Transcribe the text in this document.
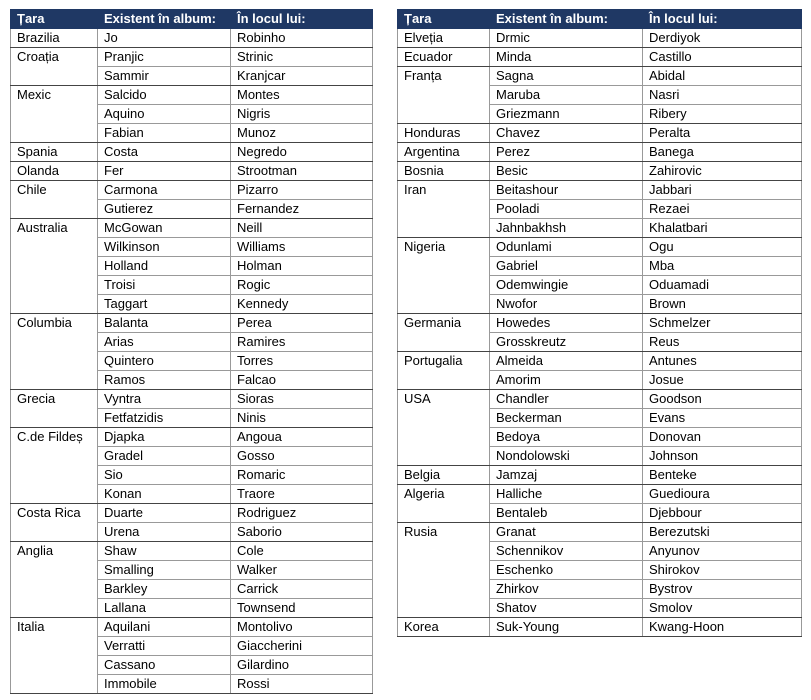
Țara	Existent în album:	În locul lui:
Brazilia	Jo	Robinho
Croația	Pranjic	Strinic
	Sammir	Kranjcar
Mexic	Salcido	Montes
	Aquino	Nigris
	Fabian	Munoz
Spania	Costa	Negredo
Olanda	Fer	Strootman
Chile	Carmona	Pizarro
	Gutierez	Fernandez
Australia	McGowan	Neill
	Wilkinson	Williams
	Holland	Holman
	Troisi	Rogic
	Taggart	Kennedy
Columbia	Balanta	Perea
	Arias	Ramires
	Quintero	Torres
	Ramos	Falcao
Grecia	Vyntra	Sioras
	Fetfatzidis	Ninis
C.de Fildeș	Djapka	Angoua
	Gradel	Gosso
	Sio	Romaric
	Konan	Traore
Costa Rica	Duarte	Rodriguez
	Urena	Saborio
Anglia	Shaw	Cole
	Smalling	Walker
	Barkley	Carrick
	Lallana	Townsend
Italia	Aquilani	Montolivo
	Verratti	Giaccherini
	Cassano	Gilardino
	Immobile	Rossi
Țara	Existent în album:	În locul lui:
Elveția	Drmic	Derdiyok
Ecuador	Minda	Castillo
Franța	Sagna	Abidal
	Maruba	Nasri
	Griezmann	Ribery
Honduras	Chavez	Peralta
Argentina	Perez	Banega
Bosnia	Besic	Zahirovic
Iran	Beitashour	Jabbari
	Pooladi	Rezaei
	Jahnbakhsh	Khalatbari
Nigeria	Odunlami	Ogu
	Gabriel	Mba
	Odemwingie	Oduamadi
	Nwofor	Brown
Germania	Howedes	Schmelzer
	Grosskreutz	Reus
Portugalia	Almeida	Antunes
	Amorim	Josue
USA	Chandler	Goodson
	Beckerman	Evans
	Bedoya	Donovan
	Nondolowski	Johnson
Belgia	Jamzaj	Benteke
Algeria	Halliche	Guedioura
	Bentaleb	Djebbour
Rusia	Granat	Berezutski
	Schennikov	Anyunov
	Eschenko	Shirokov
	Zhirkov	Bystrov
	Shatov	Smolov
Korea	Suk-Young	Kwang-Hoon
